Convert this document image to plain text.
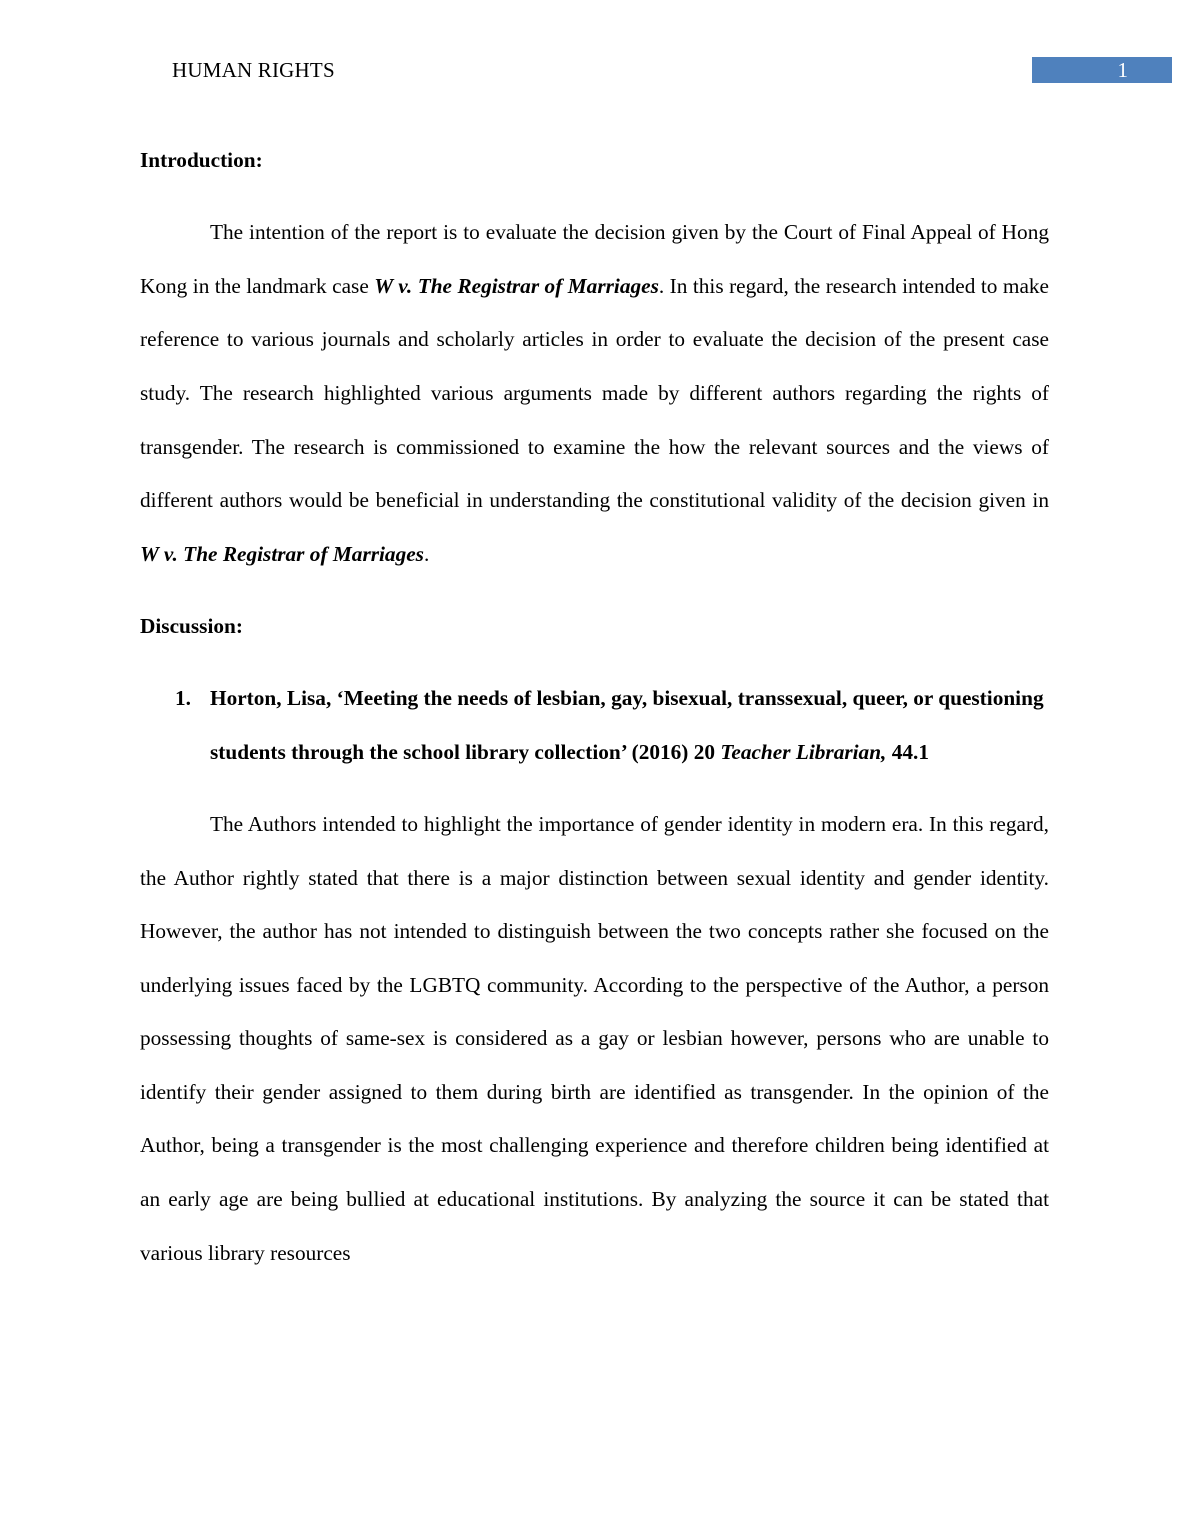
HUMAN RIGHTS	1
Introduction:

The intention of the report is to evaluate the decision given by the Court of Final Appeal of Hong Kong in the landmark case W v. The Registrar of Marriages. In this regard, the research intended to make reference to various journals and scholarly articles in order to evaluate the decision of the present case study. The research highlighted various arguments made by different authors regarding the rights of transgender. The research is commissioned to examine the how the relevant sources and the views of different authors would be beneficial in understanding the constitutional validity of the decision given in W v. The Registrar of Marriages.

Discussion:
1. Horton, Lisa, ‘Meeting the needs of lesbian, gay, bisexual, transsexual, queer, or questioning students through the school library collection’ (2016) 20 Teacher Librarian, 44.1

The Authors intended to highlight the importance of gender identity in modern era. In this regard, the Author rightly stated that there is a major distinction between sexual identity and gender identity. However, the author has not intended to distinguish between the two concepts rather she focused on the underlying issues faced by the LGBTQ community. According to the perspective of the Author, a person possessing thoughts of same-sex is considered as a gay or lesbian however, persons who are unable to identify their gender assigned to them during birth are identified as transgender. In the opinion of the Author, being a transgender is the most challenging experience and therefore children being identified at an early age are being bullied at educational institutions. By analyzing the source it can be stated that various library resources
